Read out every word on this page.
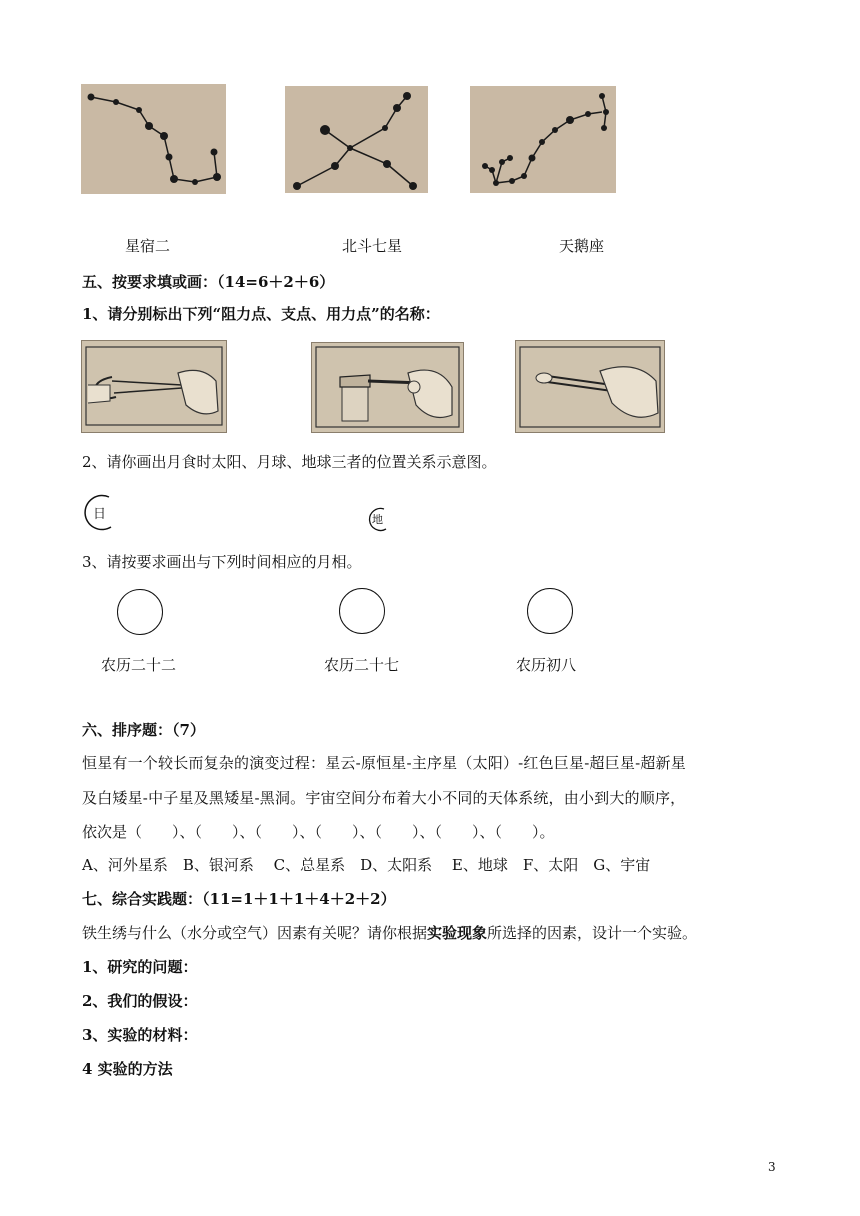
星宿二	北斗七星	天鹅座
五、按要求填或画：（14=6＋2＋6）
1、请分别标出下列“阻力点、支点、用力点”的名称：
2、请你画出月食时太阳、月球、地球三者的位置关系示意图。
日	地
3、请按要求画出与下列时间相应的月相。
农历二十二	农历二十七	农历初八
六、排序题：（7）
恒星有一个较长而复杂的演变过程：星云-原恒星-主序星（太阳）-红色巨星-超巨星-超新星
及白矮星-中子星及黑矮星-黑洞。宇宙空间分布着大小不同的天体系统，由小到大的顺序，
依次是（　　）、（　　）、（　　）、（　　）、（　　）、（　　）、（　　）。
A、河外星系　B、银河系　 C、总星系　D、太阳系　 E、地球　F、太阳　G、宇宙
七、综合实践题：（11=1＋1＋1＋4＋2＋2）
铁生绣与什么（水分或空气）因素有关呢？请你根据实验现象所选择的因素，设计一个实验。
1、研究的问题：
2、我们的假设：
3、实验的材料：
4 实验的方法
3
